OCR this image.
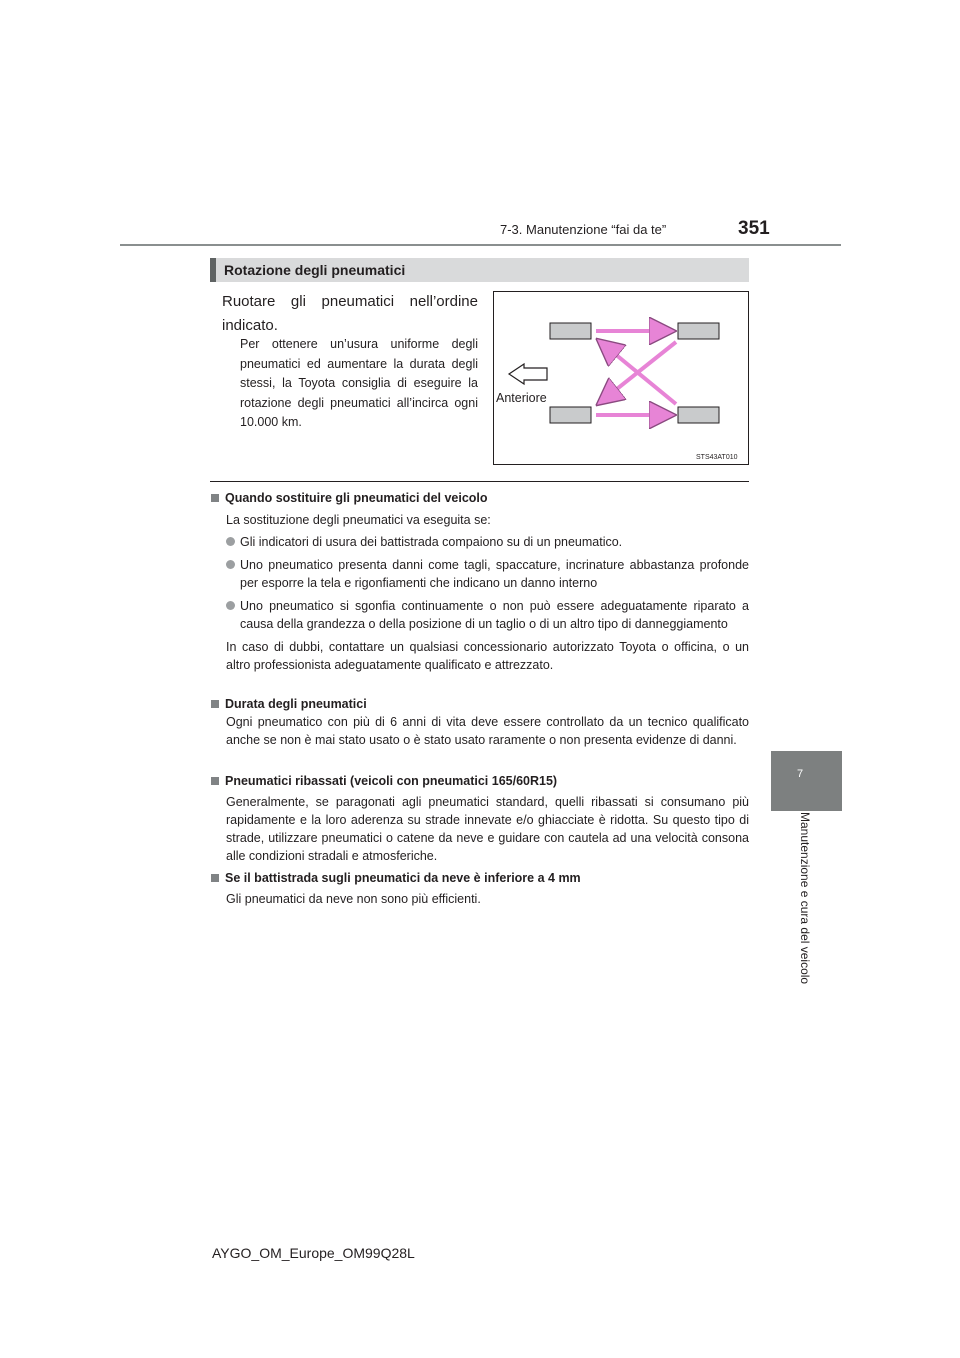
7-3. Manutenzione “fai da te”	351
7
Manutenzione e cura del veicolo
Rotazione degli pneumatici
Ruotare gli pneumatici nell’ordine indicato.
Per ottenere un’usura uniforme degli pneumatici ed aumentare la durata degli stessi, la Toyota consiglia di eseguire la rotazione degli pneumatici all’incirca ogni 10.000 km.
Anteriore
STS43AT010
Quando sostituire gli pneumatici del veicolo
La sostituzione degli pneumatici va eseguita se:
Gli indicatori di usura dei battistrada compaiono su di un pneumatico.
Uno pneumatico presenta danni come tagli, spaccature, incrinature abbastanza profonde per esporre la tela e rigonfiamenti che indicano un danno interno
Uno pneumatico si sgonfia continuamente o non può essere adeguatamente riparato a causa della grandezza o della posizione di un taglio o di un altro tipo di danneggiamento
In caso di dubbi, contattare un qualsiasi concessionario autorizzato Toyota o officina, o un altro professionista adeguatamente qualificato e attrezzato.
Durata degli pneumatici
Ogni pneumatico con più di 6 anni di vita deve essere controllato da un tecnico qualificato anche se non è mai stato usato o è stato usato raramente o non presenta evidenze di danni.
Pneumatici ribassati (veicoli con pneumatici 165/60R15)
Generalmente, se paragonati agli pneumatici standard, quelli ribassati si consumano più rapidamente e la loro aderenza su strade innevate e/o ghiacciate è ridotta. Su questo tipo di strade, utilizzare pneumatici o catene da neve e guidare con cautela ad una velocità consona alle condizioni stradali e atmosferiche.
Se il battistrada sugli pneumatici da neve è inferiore a 4 mm
Gli pneumatici da neve non sono più efficienti.
AYGO_OM_Europe_OM99Q28L
